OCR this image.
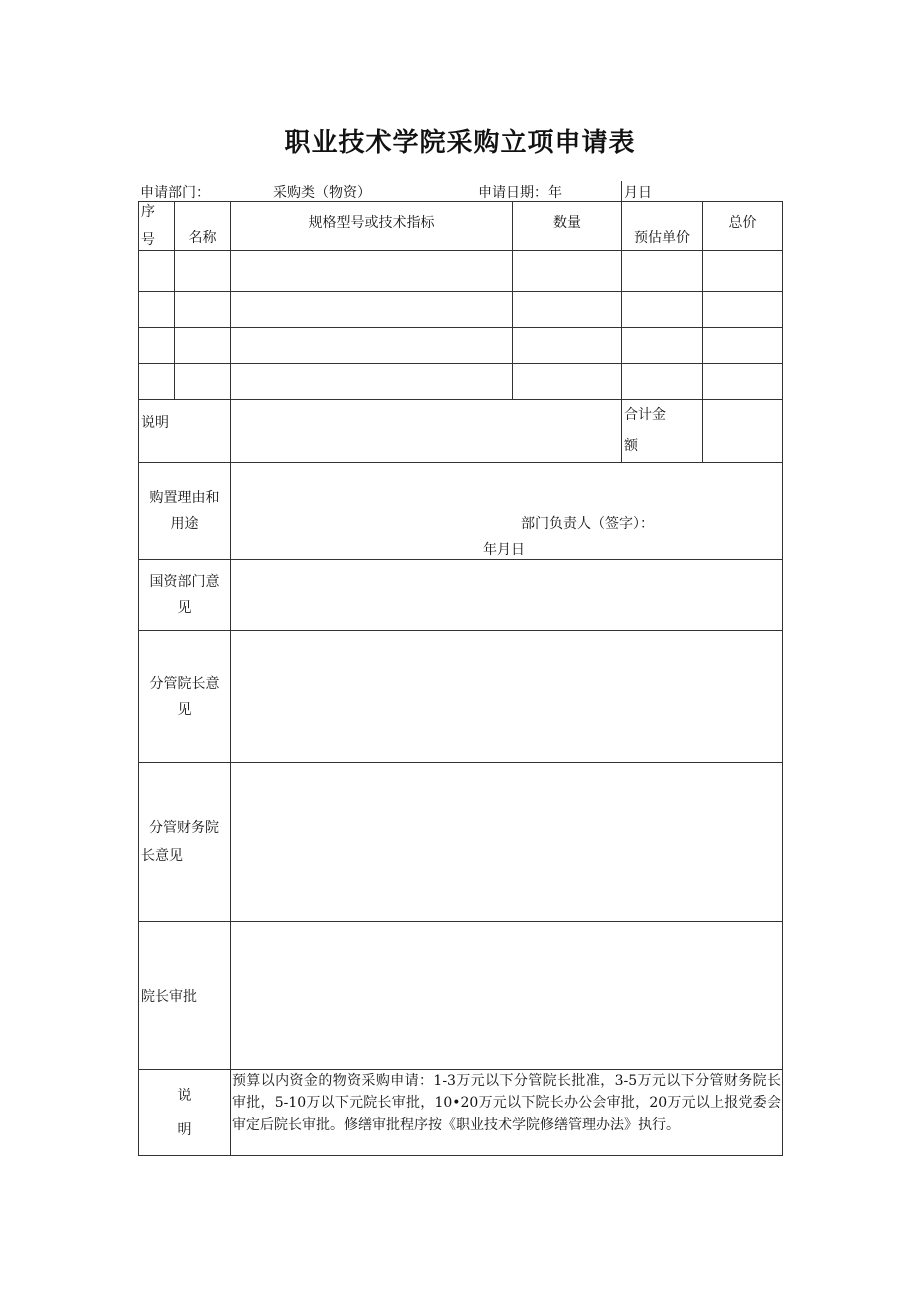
职业技术学院采购立项申请表
申请部门：	采购类（物资）	申请日期：年	月日
序
号	名称	规格型号或技术指标	数量	预估单价	总价

说明				合计金
额	

购置理由和用途		部门负责人（签字）：
年月日			

国资部门意见					

分管院长意见					

分管财务院
长意见					

院长审批					

说
明		预算以内资金的物资采购申请：1-3万元以下分管院长批准，3-5万元以下分管财务院长审批，5-10万以下元院长审批，10•20万元以下院长办公会审批，20万元以上报党委会审定后院长审批。修缮审批程序按《职业技术学院修缮管理办法》执行。			
